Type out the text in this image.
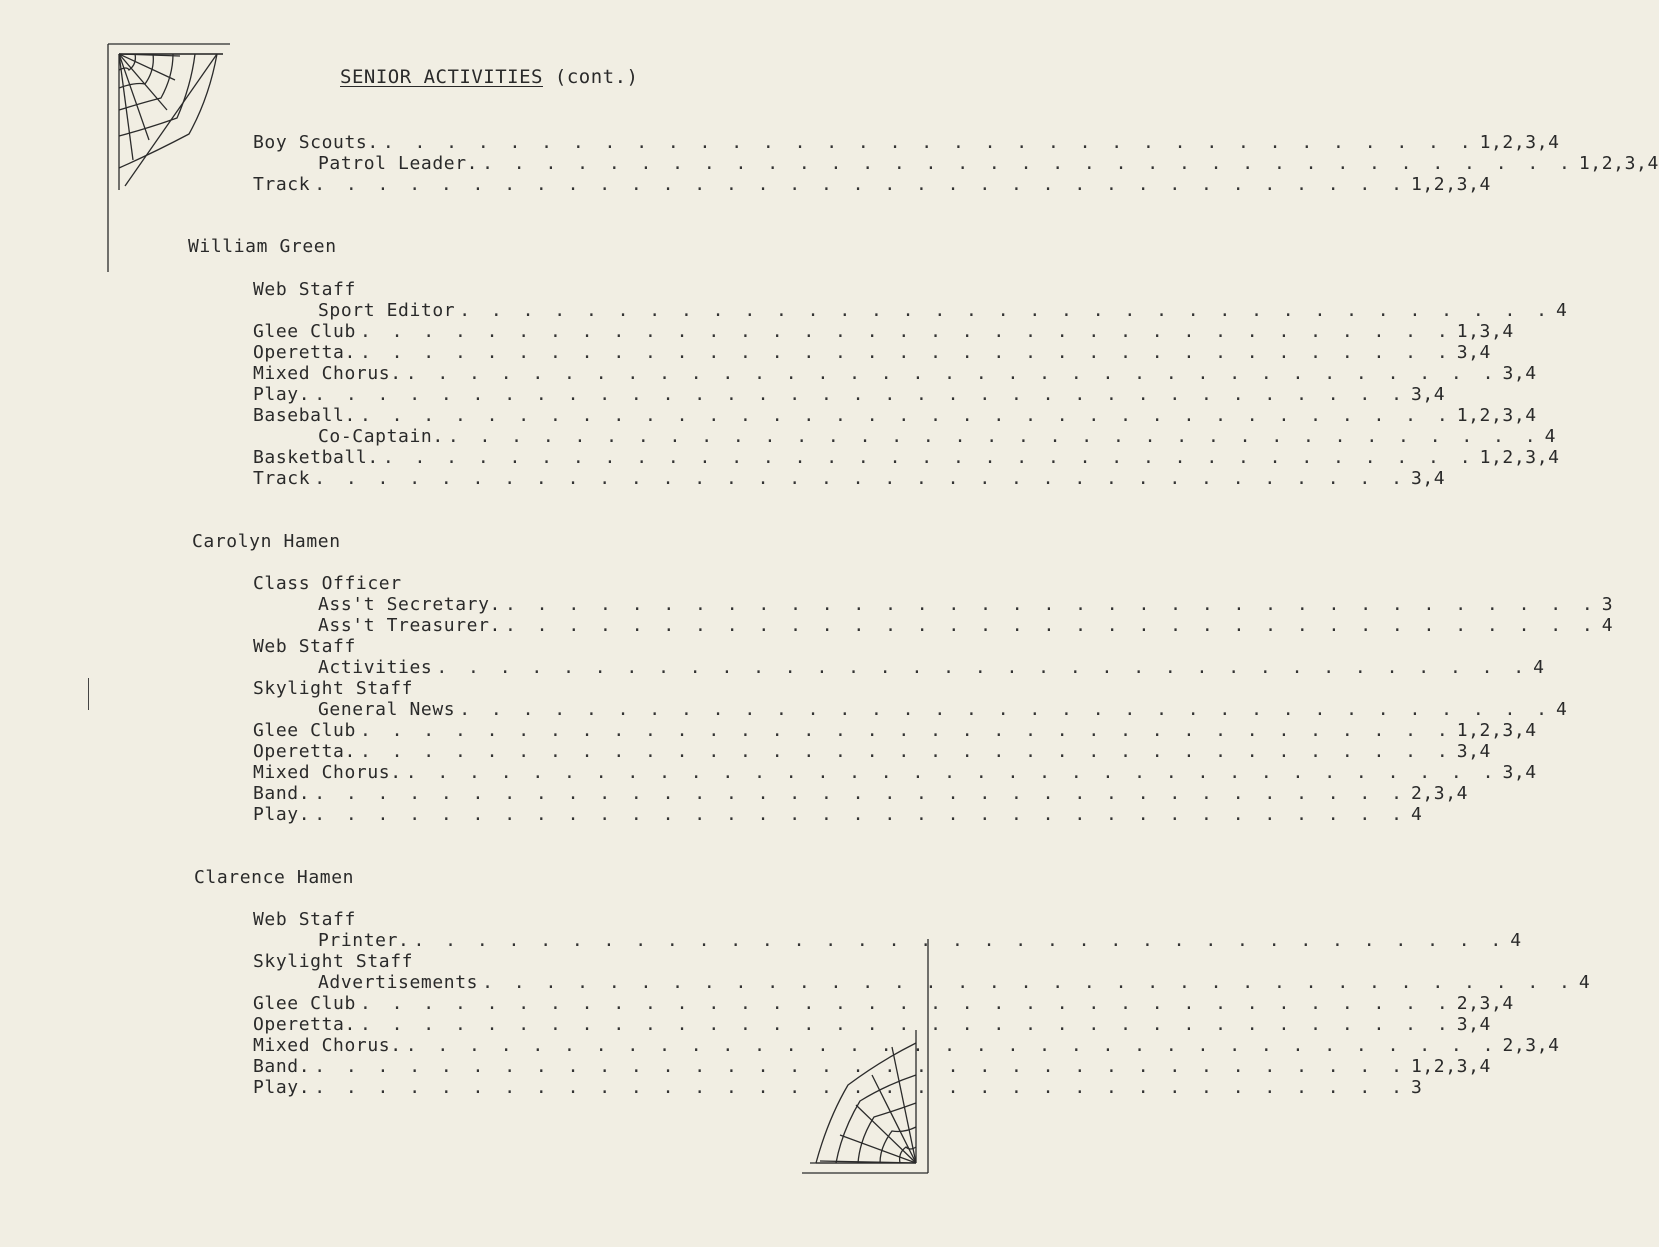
SENIOR ACTIVITIES (cont.)
Boy Scouts. . . . . . . . . . . . . . . . . . . . . . . . . . . . . . . . . . . . 1,2,3,4
Patrol Leader. . . . . . . . . . . . . . . . . . . . . . . . . . . . . . . . . . . . 1,2,3,4
Track . . . . . . . . . . . . . . . . . . . . . . . . . . . . . . . . . . . 1,2,3,4
William Green
Web Staff
Sport Editor . . . . . . . . . . . . . . . . . . . . . . . . . . . . . . . . . . . 4
Glee Club . . . . . . . . . . . . . . . . . . . . . . . . . . . . . . . . . . . 1,3,4
Operetta. . . . . . . . . . . . . . . . . . . . . . . . . . . . . . . . . . . . 3,4
Mixed Chorus. . . . . . . . . . . . . . . . . . . . . . . . . . . . . . . . . . . . 3,4
Play. . . . . . . . . . . . . . . . . . . . . . . . . . . . . . . . . . . . 3,4
Baseball. . . . . . . . . . . . . . . . . . . . . . . . . . . . . . . . . . . . 1,2,3,4
Co-Captain. . . . . . . . . . . . . . . . . . . . . . . . . . . . . . . . . . . . 4
Basketball. . . . . . . . . . . . . . . . . . . . . . . . . . . . . . . . . . . . 1,2,3,4
Track . . . . . . . . . . . . . . . . . . . . . . . . . . . . . . . . . . . 3,4
Carolyn Hamen
Class Officer
Ass't Secretary. . . . . . . . . . . . . . . . . . . . . . . . . . . . . . . . . . . . 3
Ass't Treasurer. . . . . . . . . . . . . . . . . . . . . . . . . . . . . . . . . . . . 4
Web Staff
Activities . . . . . . . . . . . . . . . . . . . . . . . . . . . . . . . . . . . 4
Skylight Staff
General News . . . . . . . . . . . . . . . . . . . . . . . . . . . . . . . . . . . 4
Glee Club . . . . . . . . . . . . . . . . . . . . . . . . . . . . . . . . . . . 1,2,3,4
Operetta. . . . . . . . . . . . . . . . . . . . . . . . . . . . . . . . . . . . 3,4
Mixed Chorus. . . . . . . . . . . . . . . . . . . . . . . . . . . . . . . . . . . . 3,4
Band. . . . . . . . . . . . . . . . . . . . . . . . . . . . . . . . . . . . 2,3,4
Play. . . . . . . . . . . . . . . . . . . . . . . . . . . . . . . . . . . . 4
Clarence Hamen
Web Staff
Printer. . . . . . . . . . . . . . . . . . . . . . . . . . . . . . . . . . . . 4
Skylight Staff
Advertisements . . . . . . . . . . . . . . . . . . . . . . . . . . . . . . . . . . . 4
Glee Club . . . . . . . . . . . . . . . . . . . . . . . . . . . . . . . . . . . 2,3,4
Operetta. . . . . . . . . . . . . . . . . . . . . . . . . . . . . . . . . . . . 3,4
Mixed Chorus. . . . . . . . . . . . . . . . . . . . . . . . . . . . . . . . . . . . 2,3,4
Band. . . . . . . . . . . . . . . . . . . . . . . . . . . . . . . . . . . . 1,2,3,4
Play. . . . . . . . . . . . . . . . . . . . . . . . . . . . . . . . . . . . 3
